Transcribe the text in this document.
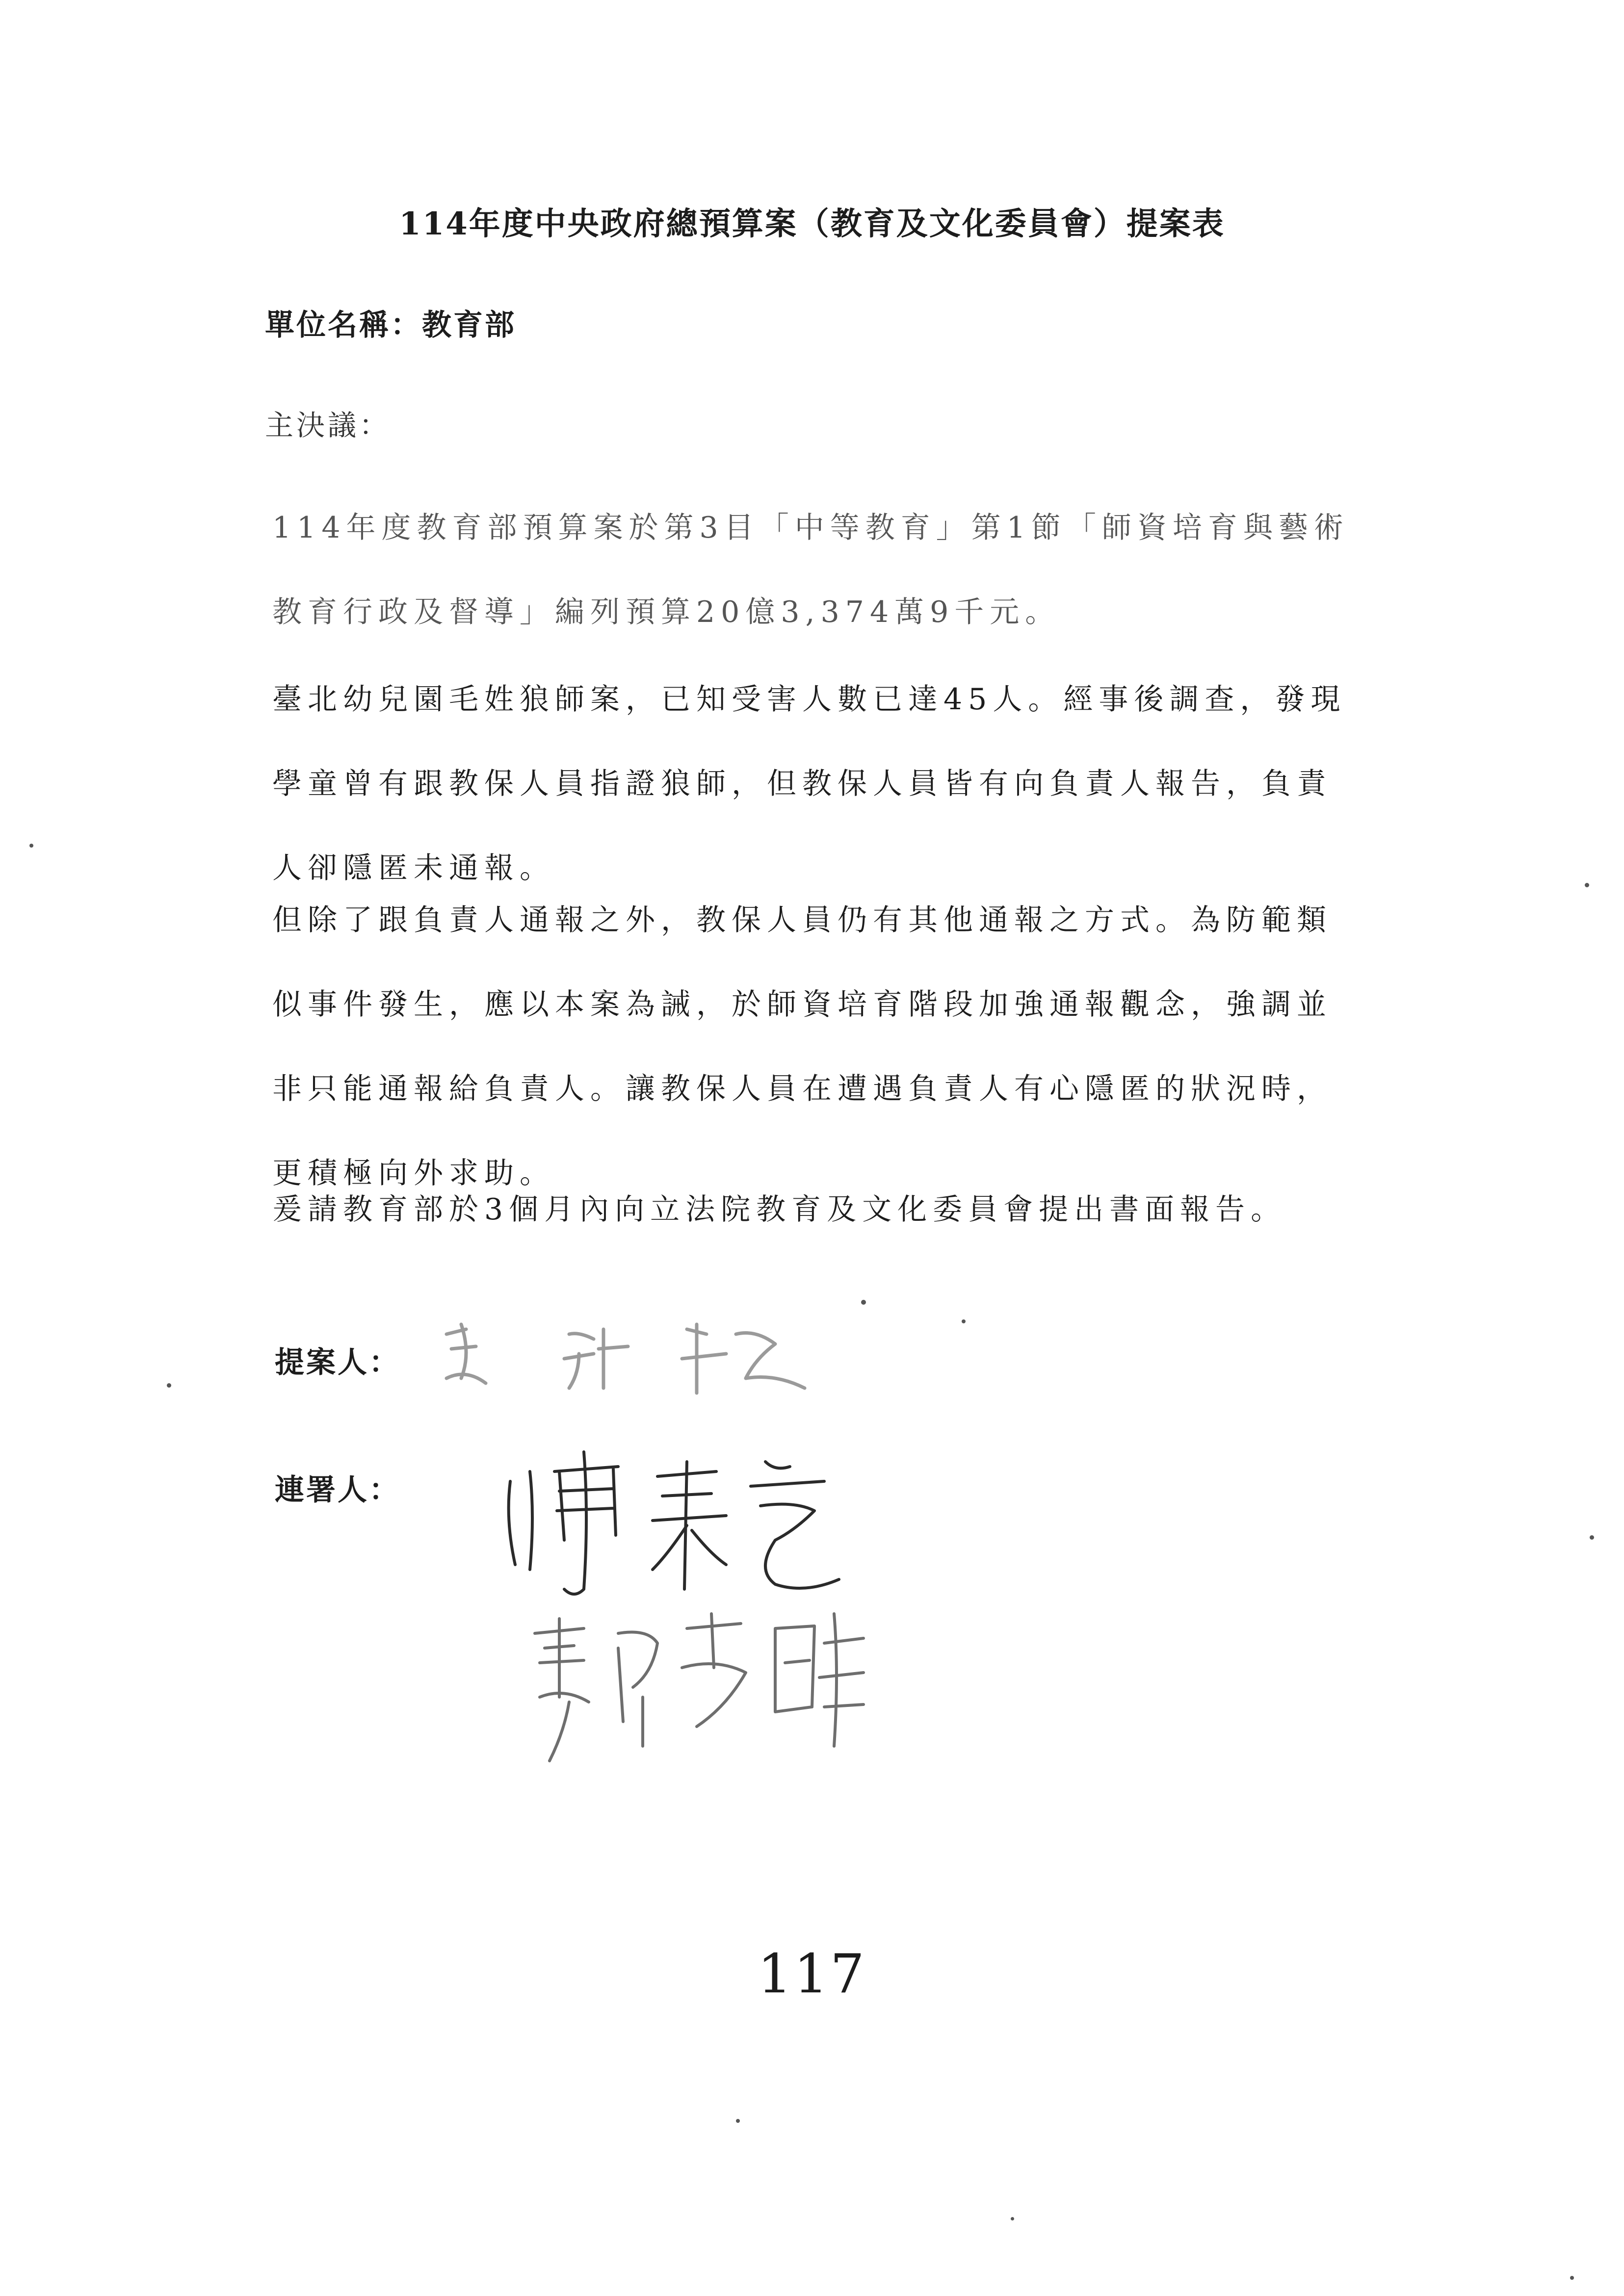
114年度中央政府總預算案（教育及文化委員會）提案表
單位名稱：教育部
主決議：
114年度教育部預算案於第3目「中等教育」第1節「師資培育與藝術教育行政及督導」編列預算20億3,374萬9千元。
臺北幼兒園毛姓狼師案，已知受害人數已達45人。經事後調查，發現學童曾有跟教保人員指證狼師，但教保人員皆有向負責人報告，負責人卻隱匿未通報。
但除了跟負責人通報之外，教保人員仍有其他通報之方式。為防範類似事件發生，應以本案為誡，於師資培育階段加強通報觀念，強調並非只能通報給負責人。讓教保人員在遭遇負責人有心隱匿的狀況時，更積極向外求助。
爰請教育部於3個月內向立法院教育及文化委員會提出書面報告。
提案人：
連署人：
117
